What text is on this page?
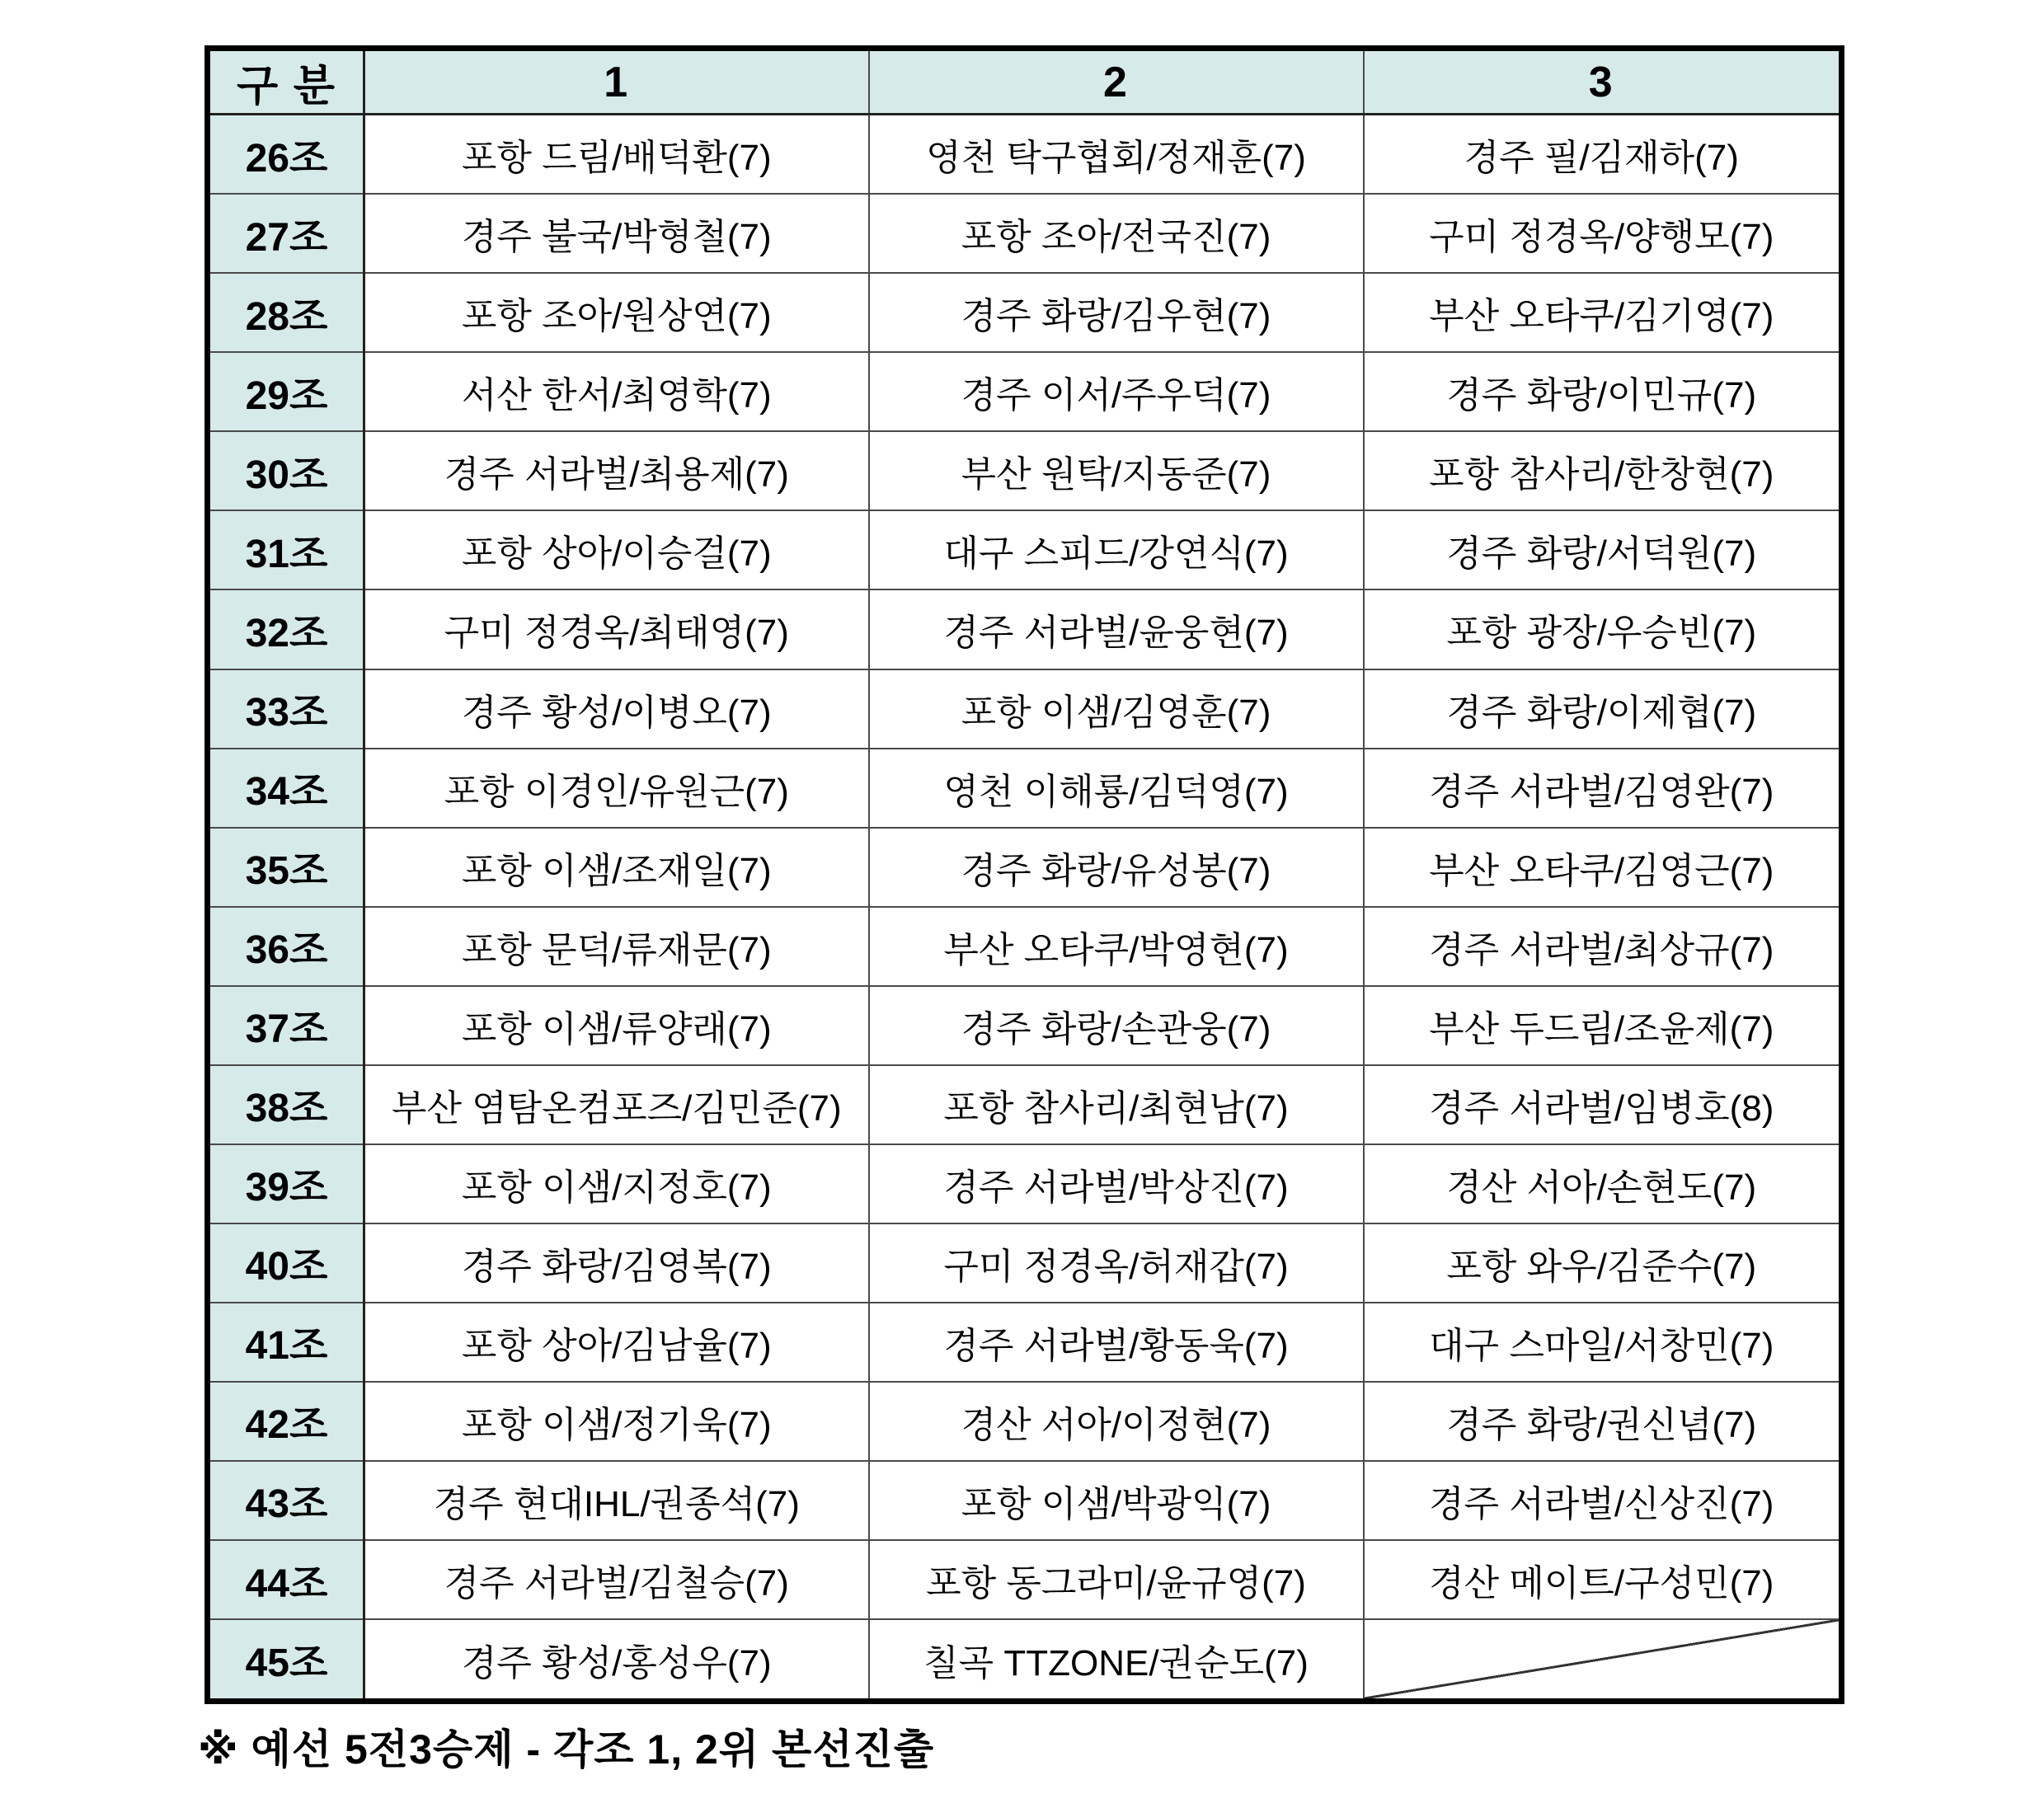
구 분	1	2	3
26조	포항 드림/배덕환(7)	영천 탁구협회/정재훈(7)	경주 필/김재하(7)
27조	경주 불국/박형철(7)	포항 조아/전국진(7)	구미 정경옥/양행모(7)
28조	포항 조아/원상연(7)	경주 화랑/김우현(7)	부산 오타쿠/김기영(7)
29조	서산 한서/최영학(7)	경주 이서/주우덕(7)	경주 화랑/이민규(7)
30조	경주 서라벌/최용제(7)	부산 원탁/지동준(7)	포항 참사리/한창현(7)
31조	포항 상아/이승걸(7)	대구 스피드/강연식(7)	경주 화랑/서덕원(7)
32조	구미 정경옥/최태영(7)	경주 서라벌/윤웅현(7)	포항 광장/우승빈(7)
33조	경주 황성/이병오(7)	포항 이샘/김영훈(7)	경주 화랑/이제협(7)
34조	포항 이경인/유원근(7)	영천 이해룡/김덕영(7)	경주 서라벌/김영완(7)
35조	포항 이샘/조재일(7)	경주 화랑/유성봉(7)	부산 오타쿠/김영근(7)
36조	포항 문덕/류재문(7)	부산 오타쿠/박영현(7)	경주 서라벌/최상규(7)
37조	포항 이샘/류양래(7)	경주 화랑/손관웅(7)	부산 두드림/조윤제(7)
38조	부산 염탐온컴포즈/김민준(7)	포항 참사리/최현남(7)	경주 서라벌/임병호(8)
39조	포항 이샘/지정호(7)	경주 서라벌/박상진(7)	경산 서아/손현도(7)
40조	경주 화랑/김영복(7)	구미 정경옥/허재갑(7)	포항 와우/김준수(7)
41조	포항 상아/김남율(7)	경주 서라벌/황동욱(7)	대구 스마일/서창민(7)
42조	포항 이샘/정기욱(7)	경산 서아/이정현(7)	경주 화랑/권신념(7)
43조	경주 현대IHL/권종석(7)	포항 이샘/박광익(7)	경주 서라벌/신상진(7)
44조	경주 서라벌/김철승(7)	포항 동그라미/윤규영(7)	경산 메이트/구성민(7)
45조	경주 황성/홍성우(7)	칠곡 TTZONE/권순도(7)	
※ 예선 5전3승제 - 각조 1, 2위 본선진출
